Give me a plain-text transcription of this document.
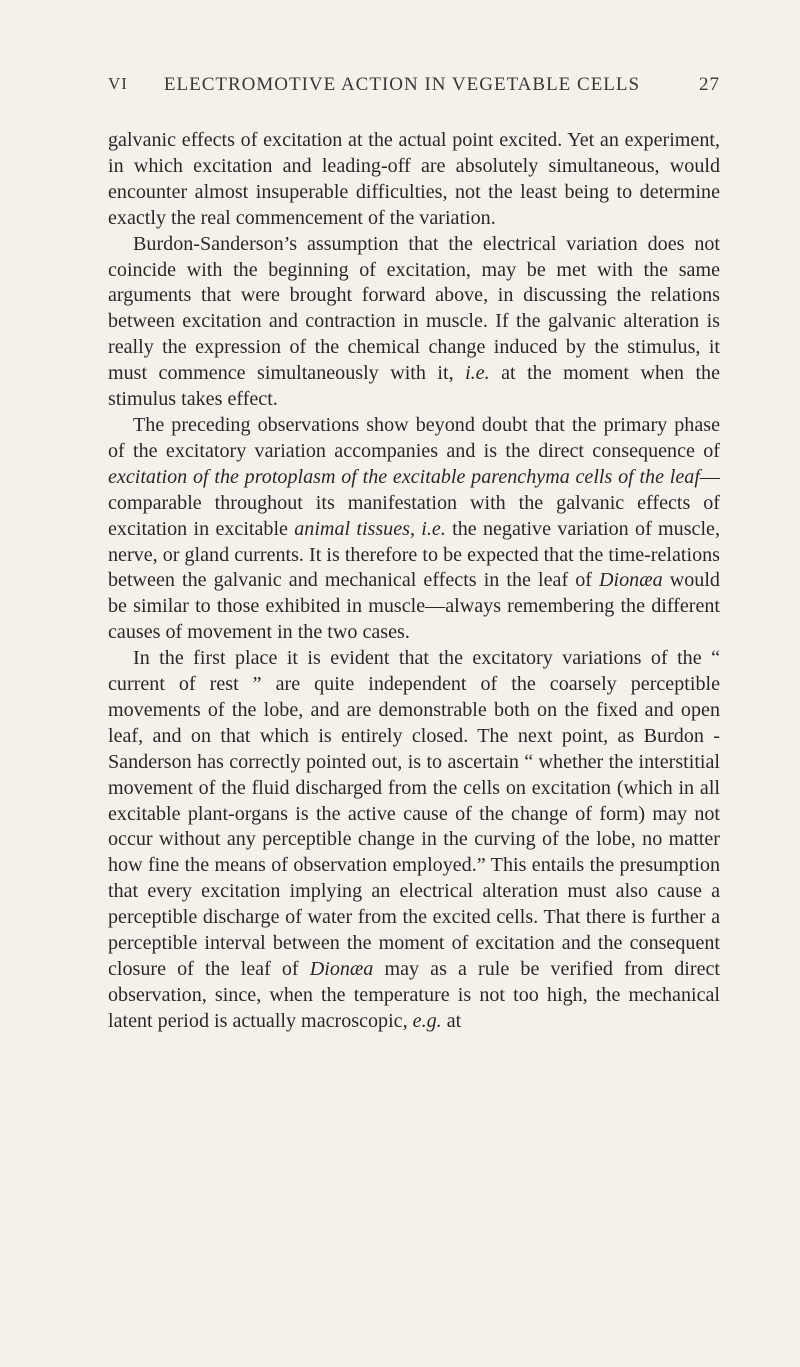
VI	ELECTROMOTIVE ACTION IN VEGETABLE CELLS	27

galvanic effects of excitation at the actual point excited. Yet an experiment, in which excitation and leading-off are absolutely simultaneous, would encounter almost insuperable difficulties, not the least being to determine exactly the real commencement of the variation.

Burdon-Sanderson’s assumption that the electrical variation does not coincide with the beginning of excitation, may be met with the same arguments that were brought forward above, in discussing the relations between excitation and contraction in muscle. If the galvanic alteration is really the expression of the chemical change induced by the stimulus, it must commence simultaneously with it, i.e. at the moment when the stimulus takes effect.

The preceding observations show beyond doubt that the primary phase of the excitatory variation accompanies and is the direct consequence of excitation of the protoplasm of the excitable parenchyma cells of the leaf—comparable throughout its manifestation with the galvanic effects of excitation in excitable animal tissues, i.e. the negative variation of muscle, nerve, or gland currents. It is therefore to be expected that the time-relations between the galvanic and mechanical effects in the leaf of Dionæa would be similar to those exhibited in muscle—always remembering the different causes of movement in the two cases.

In the first place it is evident that the excitatory variations of the “ current of rest ” are quite independent of the coarsely perceptible movements of the lobe, and are demonstrable both on the fixed and open leaf, and on that which is entirely closed. The next point, as Burdon - Sanderson has correctly pointed out, is to ascertain “ whether the interstitial movement of the fluid discharged from the cells on excitation (which in all excitable plant-organs is the active cause of the change of form) may not occur without any perceptible change in the curving of the lobe, no matter how fine the means of observation employed.” This entails the presumption that every excitation implying an electrical alteration must also cause a perceptible discharge of water from the excited cells. That there is further a perceptible interval between the moment of excitation and the consequent closure of the leaf of Dionæa may as a rule be verified from direct observation, since, when the temperature is not too high, the mechanical latent period is actually macroscopic, e.g. at
